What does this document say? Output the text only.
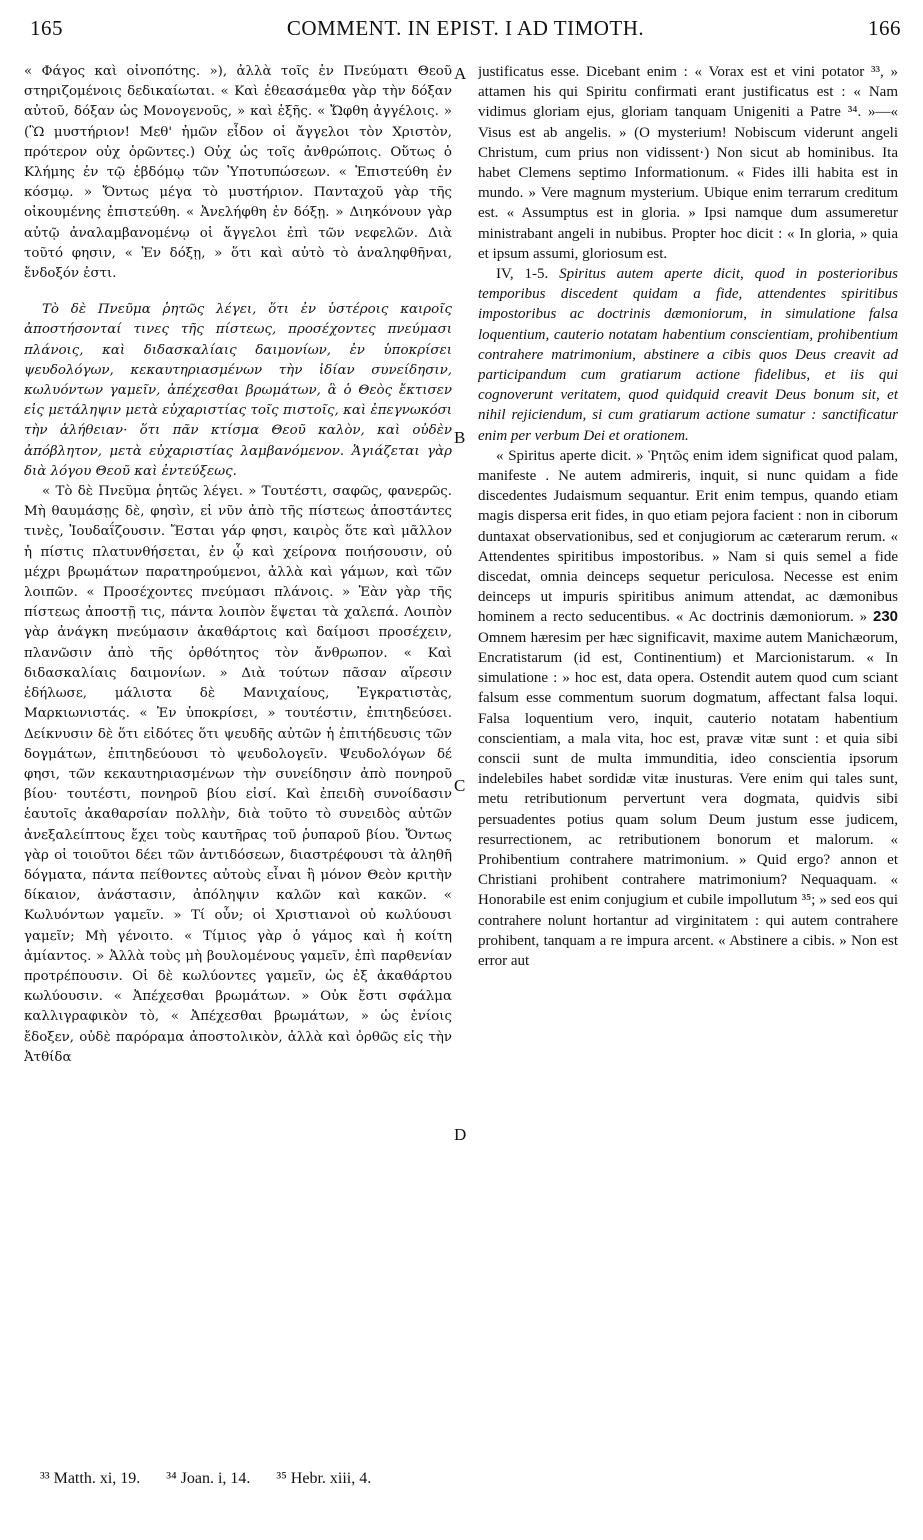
165	COMMENT. IN EPIST. I AD TIMOTH.	166

« Φάγος καὶ οἰνοπότης. »), ἀλλὰ τοῖς ἐν Πνεύματι Θεοῦ στηριζομένοις δεδικαίωται. « Καὶ ἐθεασάμεθα γὰρ τὴν δόξαν αὐτοῦ, δόξαν ὡς Μονογενοῦς, » καὶ ἑξῆς. « Ὤφθη ἀγγέλοις. » (Ὢ μυστήριον! Μεθ' ἡμῶν εἶδον οἱ ἄγγελοι τὸν Χριστὸν, πρότερον οὐχ ὁρῶντες.) Οὐχ ὡς τοῖς ἀνθρώποις. Οὕτως ὁ Κλήμης ἐν τῷ ἑβδόμῳ τῶν Ὑποτυπώσεων. « Ἐπιστεύθη ἐν κόσμῳ. » Ὄντως μέγα τὸ μυστήριον. Πανταχοῦ γὰρ τῆς οἰκουμένης ἐπιστεύθη. « Ἀνελήφθη ἐν δόξῃ. » Διηκόνουν γὰρ αὐτῷ ἀναλαμβανομένῳ οἱ ἄγγελοι ἐπὶ τῶν νεφελῶν. Διὰ τοῦτό φησιν, « Ἐν δόξῃ, » ὅτι καὶ αὐτὸ τὸ ἀναληφθῆναι, ἔνδοξόν ἐστι.

Τὸ δὲ Πνεῦμα ῥητῶς λέγει, ὅτι ἐν ὑστέροις καιροῖς ἀποστήσονταί τινες τῆς πίστεως, προσέχοντες πνεύμασι πλάνοις, καὶ διδασκαλίαις δαιμονίων, ἐν ὑποκρίσει ψευδολόγων, κεκαυτηριασμένων τὴν ἰδίαν συνείδησιν, κωλυόντων γαμεῖν, ἀπέχεσθαι βρωμάτων, ἃ ὁ Θεὸς ἔκτισεν εἰς μετάληψιν μετὰ εὐχαριστίας τοῖς πιστοῖς, καὶ ἐπεγνωκόσι τὴν ἀλήθειαν· ὅτι πᾶν κτίσμα Θεοῦ καλὸν, καὶ οὐδὲν ἀπόβλητον, μετὰ εὐχαριστίας λαμβανόμενον. Ἁγιάζεται γὰρ διὰ λόγου Θεοῦ καὶ ἐντεύξεως.

« Τὸ δὲ Πνεῦμα ῥητῶς λέγει. » Τουτέστι, σαφῶς, φανερῶς. Μὴ θαυμάσῃς δὲ, φησὶν, εἰ νῦν ἀπὸ τῆς πίστεως ἀποστάντες τινὲς, Ἰουδαΐζουσιν. Ἔσται γάρ φησι, καιρὸς ὅτε καὶ μᾶλλον ἡ πίστις πλατυνθήσεται, ἐν ᾧ καὶ χείρονα ποιήσουσιν, οὐ μέχρι βρωμάτων παρατηρούμενοι, ἀλλὰ καὶ γάμων, καὶ τῶν λοιπῶν. « Προσέχοντες πνεύμασι πλάνοις. » Ἐὰν γὰρ τῆς πίστεως ἀποστῇ τις, πάντα λοιπὸν ἕψεται τὰ χαλεπά. Λοιπὸν γὰρ ἀνάγκη πνεύμασιν ἀκαθάρτοις καὶ δαίμοσι προσέχειν, πλανῶσιν ἀπὸ τῆς ὀρθότητος τὸν ἄνθρωπον. « Καὶ διδασκαλίαις δαιμονίων. » Διὰ τούτων πᾶσαν αἵρεσιν ἐδήλωσε, μάλιστα δὲ Μανιχαίους, Ἐγκρατιστὰς, Μαρκιωνιστάς. « Ἐν ὑποκρίσει, » τουτέστιν, ἐπιτηδεύσει. Δείκνυσιν δὲ ὅτι εἰδότες ὅτι ψευδῆς αὐτῶν ἡ ἐπιτήδευσις τῶν δογμάτων, ἐπιτηδεύουσι τὸ ψευδολογεῖν. Ψευδολόγων δέ φησι, τῶν κεκαυτηριασμένων τὴν συνείδησιν ἀπὸ πονηροῦ βίου· τουτέστι, πονηροῦ βίου εἰσί. Καὶ ἐπειδὴ συνοίδασιν ἑαυτοῖς ἀκαθαρσίαν πολλὴν, διὰ τοῦτο τὸ συνειδὸς αὐτῶν ἀνεξαλείπτους ἔχει τοὺς καυτῆρας τοῦ ῥυπαροῦ βίου. Ὄντως γὰρ οἱ τοιοῦτοι δέει τῶν ἀντιδόσεων, διαστρέφουσι τὰ ἀληθῆ δόγματα, πάντα πείθοντες αὐτοὺς εἶναι ἢ μόνον Θεὸν κριτὴν δίκαιον, ἀνάστασιν, ἀπόληψιν καλῶν καὶ κακῶν. « Κωλυόντων γαμεῖν. » Τί οὖν; οἱ Χριστιανοὶ οὐ κωλύουσι γαμεῖν; Μὴ γένοιτο. « Τίμιος γὰρ ὁ γάμος καὶ ἡ κοίτη ἀμίαντος. » Ἀλλὰ τοὺς μὴ βουλομένους γαμεῖν, ἐπὶ παρθενίαν προτρέπουσιν. Οἱ δὲ κωλύοντες γαμεῖν, ὡς ἐξ ἀκαθάρτου κωλύουσιν. « Ἀπέχεσθαι βρωμάτων. » Οὐκ ἔστι σφάλμα καλλιγραφικὸν τὸ, « Ἀπέχεσθαι βρωμάτων, » ὡς ἐνίοις ἔδοξεν, οὐδὲ παρόραμα ἀποστολικὸν, ἀλλὰ καὶ ὀρθῶς εἰς τὴν Ἀτθίδα

A
B
C
D

justificatus esse. Dicebant enim : « Vorax est et vini potator ³³, » attamen his qui Spiritu confirmati erant justificatus est : « Nam vidimus gloriam ejus, gloriam tanquam Unigeniti a Patre ³⁴. »—« Visus est ab angelis. » (O mysterium! Nobiscum viderunt angeli Christum, cum prius non vidissent·) Non sicut ab hominibus. Ita habet Clemens septimo Informationum. « Fides illi habita est in mundo. » Vere magnum mysterium. Ubique enim terrarum creditum est. « Assumptus est in gloria. » Ipsi namque dum assumeretur ministrabant angeli in nubibus. Propter hoc dicit : « In gloria, » quia et ipsum assumi, gloriosum est.

IV, 1-5. Spiritus autem aperte dicit, quod in posterioribus temporibus discedent quidam a fide, attendentes spiritibus impostoribus ac doctrinis dæmoniorum, in simulatione falsa loquentium, cauterio notatam habentium conscientiam, prohibentium contrahere matrimonium, abstinere a cibis quos Deus creavit ad participandum cum gratiarum actione fidelibus, et iis qui cognoverunt veritatem, quod quidquid creavit Deus bonum sit, et nihil rejiciendum, si cum gratiarum actione sumatur : sanctificatur enim per verbum Dei et orationem.

« Spiritus aperte dicit. » Ῥητῶς enim idem significat quod palam, manifeste . Ne autem admireris, inquit, si nunc quidam a fide discedentes Judaismum sequantur. Erit enim tempus, quando etiam magis dispersa erit fides, in quo etiam pejora facient : non in ciborum duntaxat observationibus, sed et conjugiorum ac cæterarum rerum. « Attendentes spiritibus impostoribus. » Nam si quis semel a fide discedat, omnia deinceps sequetur periculosa. Necesse est enim deinceps ut impuris spiritibus animum attendat, ac dæmonibus hominem a recto seducentibus. « Ac doctrinis dæmoniorum. » 230 Omnem hæresim per hæc significavit, maxime autem Manichæorum, Encratistarum (id est, Continentium) et Marcionistarum. « In simulatione : » hoc est, data opera. Ostendit autem quod cum sciant falsum esse commentum suorum dogmatum, affectant falsa loqui. Falsa loquentium vero, inquit, cauterio notatam habentium conscientiam, a mala vita, hoc est, pravæ vitæ sunt : et quia sibi conscii sunt de multa immunditia, ideo conscientia ipsorum indelebiles habet sordidæ vitæ inusturas. Vere enim qui tales sunt, metu retributionum pervertunt vera dogmata, quidvis sibi persuadentes potius quam solum Deum justum esse judicem, resurrectionem, ac retributionem bonorum et malorum. « Prohibentium contrahere matrimonium. » Quid ergo? annon et Christiani prohibent contrahere matrimonium? Nequaquam. « Honorabile est enim conjugium et cubile impollutum ³⁵; » sed eos qui contrahere nolunt hortantur ad virginitatem : qui autem contrahere prohibent, tanquam a re impura arcent. « Abstinere a cibis. » Non est error aut

³³ Matth. xi, 19. ³⁴ Joan. i, 14. ³⁵ Hebr. xiii, 4.
